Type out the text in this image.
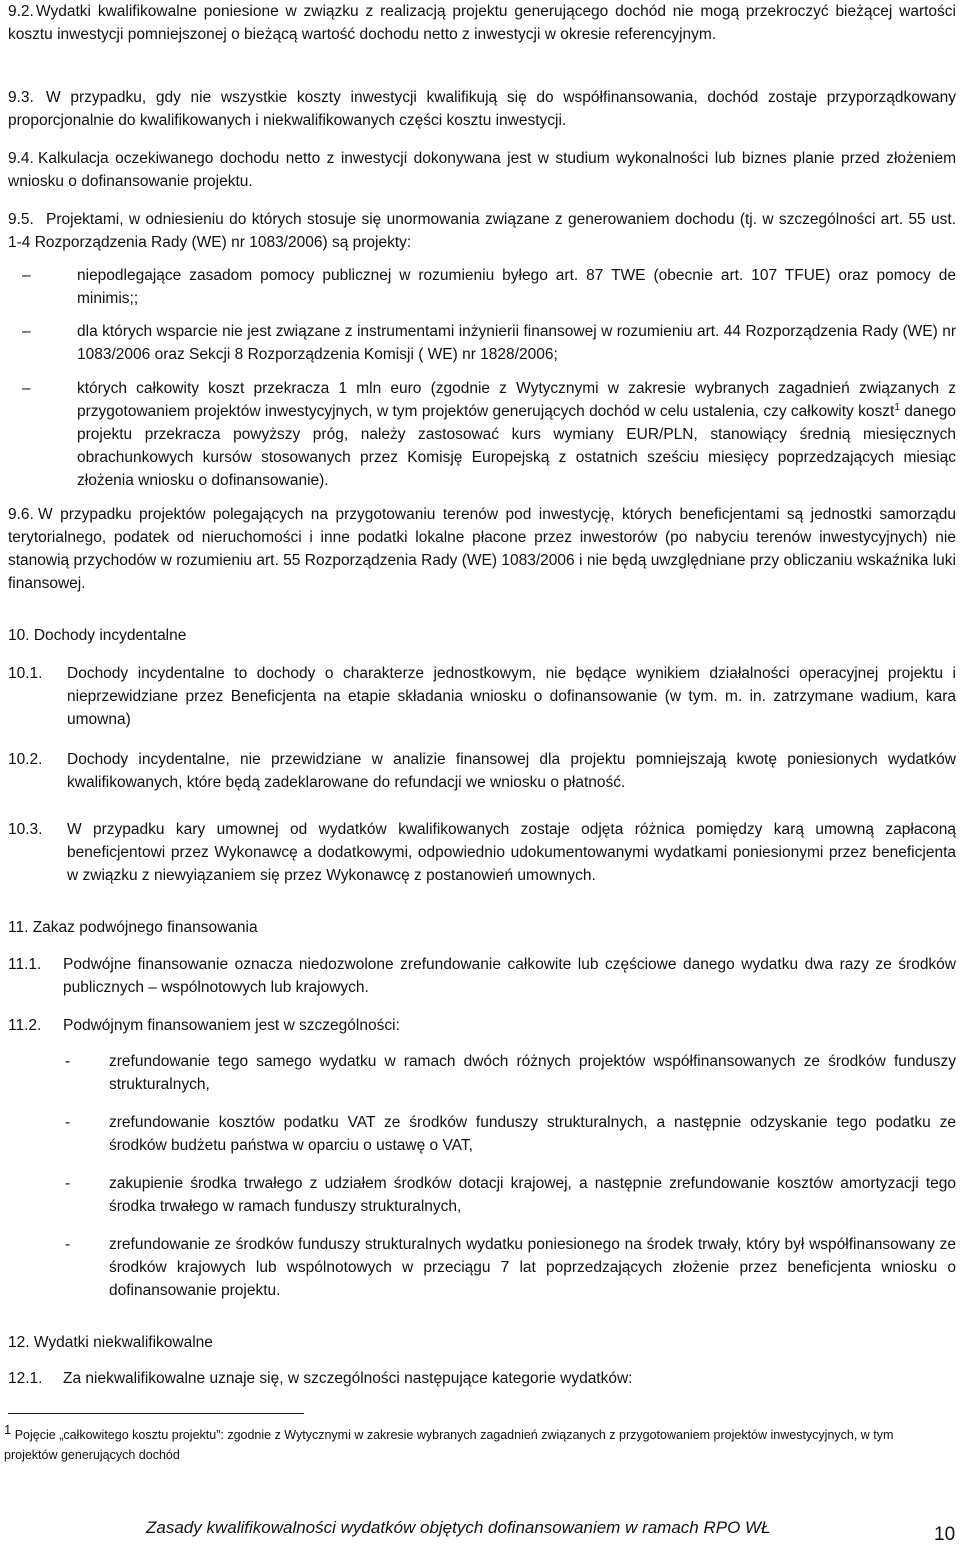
9.2. Wydatki kwalifikowalne poniesione w związku z realizacją projektu generującego dochód nie mogą przekroczyć bieżącej wartości kosztu inwestycji pomniejszonej o bieżącą wartość dochodu netto z inwestycji w okresie referencyjnym.
9.3. W przypadku, gdy nie wszystkie koszty inwestycji kwalifikują się do współfinansowania, dochód zostaje przyporządkowany proporcjonalnie do kwalifikowanych i niekwalifikowanych części kosztu inwestycji.
9.4. Kalkulacja oczekiwanego dochodu netto z inwestycji dokonywana jest w studium wykonalności lub biznes planie przed złożeniem wniosku o dofinansowanie projektu.
9.5. Projektami, w odniesieniu do których stosuje się unormowania związane z generowaniem dochodu (tj. w szczególności art. 55 ust. 1-4 Rozporządzenia Rady (WE) nr 1083/2006) są projekty:
–	niepodlegające zasadom pomocy publicznej w rozumieniu byłego art. 87 TWE (obecnie art. 107 TFUE) oraz pomocy de minimis;;
–	dla których wsparcie nie jest związane z instrumentami inżynierii finansowej w rozumieniu art. 44 Rozporządzenia Rady (WE) nr 1083/2006 oraz Sekcji 8 Rozporządzenia Komisji ( WE) nr 1828/2006;
–	których całkowity koszt przekracza 1 mln euro (zgodnie z Wytycznymi w zakresie wybranych zagadnień związanych z przygotowaniem projektów inwestycyjnych, w tym projektów generujących dochód w celu ustalenia, czy całkowity koszt$^1$ danego projektu przekracza powyższy próg, należy zastosować kurs wymiany EUR/PLN, stanowiący średnią miesięcznych obrachunkowych kursów stosowanych przez Komisję Europejską z ostatnich sześciu miesięcy poprzedzających miesiąc złożenia wniosku o dofinansowanie).
9.6. W przypadku projektów polegających na przygotowaniu terenów pod inwestycję, których beneficjentami są jednostki samorządu terytorialnego, podatek od nieruchomości i inne podatki lokalne płacone przez inwestorów (po nabyciu terenów inwestycyjnych) nie stanowią przychodów w rozumieniu art. 55 Rozporządzenia Rady (WE) 1083/2006 i nie będą uwzględniane przy obliczaniu wskaźnika luki finansowej.
10. Dochody incydentalne
10.1. Dochody incydentalne to dochody o charakterze jednostkowym, nie będące wynikiem działalności operacyjnej projektu i nieprzewidziane przez Beneficjenta na etapie składania wniosku o dofinansowanie (w tym. m. in. zatrzymane wadium, kara umowna)
10.2. Dochody incydentalne, nie przewidziane w analizie finansowej dla projektu pomniejszają kwotę poniesionych wydatków kwalifikowanych, które będą zadeklarowane do refundacji we wniosku o płatność.
10.3. W przypadku kary umownej od wydatków kwalifikowanych zostaje odjęta różnica pomiędzy karą umowną zapłaconą beneficjentowi przez Wykonawcę a dodatkowymi, odpowiednio udokumentowanymi wydatkami poniesionymi przez beneficjenta w związku z niewyiązaniem się przez Wykonawcę z postanowień umownych.
11. Zakaz podwójnego finansowania
11.1. Podwójne finansowanie oznacza niedozwolone zrefundowanie całkowite lub częściowe danego wydatku dwa razy ze środków publicznych – wspólnotowych lub krajowych.
11.2. Podwójnym finansowaniem jest w szczególności:
-	zrefundowanie tego samego wydatku w ramach dwóch różnych projektów współfinansowanych ze środków funduszy strukturalnych,
-	zrefundowanie kosztów podatku VAT ze środków funduszy strukturalnych, a następnie odzyskanie tego podatku ze środków budżetu państwa w oparciu o ustawę o VAT,
-	zakupienie środka trwałego z udziałem środków dotacji krajowej, a następnie zrefundowanie kosztów amortyzacji tego środka trwałego w ramach funduszy strukturalnych,
-	zrefundowanie ze środków funduszy strukturalnych wydatku poniesionego na środek trwały, który był współfinansowany ze środków krajowych lub wspólnotowych w przeciągu 7 lat poprzedzających złożenie przez beneficjenta wniosku o dofinansowanie projektu.
12. Wydatki niekwalifikowalne
12.1. Za niekwalifikowalne uznaje się, w szczególności następujące kategorie wydatków:
1 Pojęcie „całkowitego kosztu projektu”: zgodnie z Wytycznymi w zakresie wybranych zagadnień związanych z przygotowaniem projektów inwestycyjnych, w tym projektów generujących dochód
Zasady kwalifikowalności wydatków objętych dofinansowaniem w ramach RPO WŁ	10
